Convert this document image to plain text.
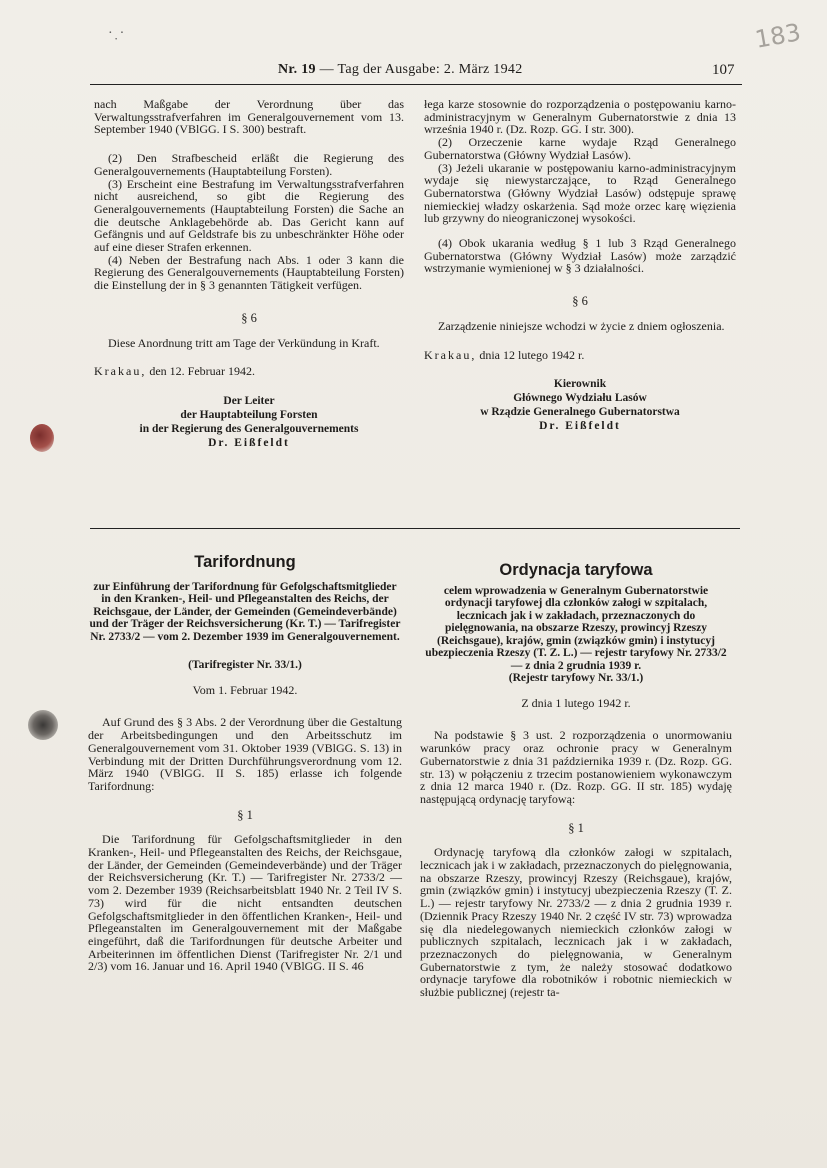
· ̣ ·	183
Nr. 19 — Tag der Ausgabe: 2. März 1942	107

nach Maßgabe der Verordnung über das Verwaltungsstrafverfahren im Generalgouvernement vom 13. September 1940 (VBlGG. I S. 300) bestraft.

(2) Den Strafbescheid erläßt die Regierung des Generalgouvernements (Hauptabteilung Forsten).

(3) Erscheint eine Bestrafung im Verwaltungsstrafverfahren nicht ausreichend, so gibt die Regierung des Generalgouvernements (Hauptabteilung Forsten) die Sache an die deutsche Anklagebehörde ab. Das Gericht kann auf Gefängnis und auf Geldstrafe bis zu unbeschränkter Höhe oder auf eine dieser Strafen erkennen.

(4) Neben der Bestrafung nach Abs. 1 oder 3 kann die Regierung des Generalgouvernements (Hauptabteilung Forsten) die Einstellung der in § 3 genannten Tätigkeit verfügen.

§ 6

Diese Anordnung tritt am Tage der Verkündung in Kraft.

Krakau, den 12. Februar 1942.

Der Leiter

der Hauptabteilung Forsten

in der Regierung des Generalgouvernements

Dr. Eißfeldt

łega karze stosownie do rozporządzenia o postępowaniu karno-administracyjnym w Generalnym Gubernatorstwie z dnia 13 września 1940 r. (Dz. Rozp. GG. I str. 300).

(2) Orzeczenie karne wydaje Rząd Generalnego Gubernatorstwa (Główny Wydział Lasów).

(3) Jeżeli ukaranie w postępowaniu karno-administracyjnym wydaje się niewystarczające, to Rząd Generalnego Gubernatorstwa (Główny Wydział Lasów) odstępuje sprawę niemieckiej władzy oskarżenia. Sąd może orzec karę więzienia lub grzywny do nieograniczonej wysokości.

(4) Obok ukarania według § 1 lub 3 Rząd Generalnego Gubernatorstwa (Główny Wydział Lasów) może zarządzić wstrzymanie wymienionej w § 3 działalności.

§ 6

Zarządzenie niniejsze wchodzi w życie z dniem ogłoszenia.

Krakau, dnia 12 lutego 1942 r.

Kierownik

Głównego Wydziału Lasów

w Rządzie Generalnego Gubernatorstwa

Dr. Eißfeldt

Tarifordnung

zur Einführung der Tarifordnung für Gefolgschaftsmitglieder in den Kranken-, Heil- und Pflegeanstalten des Reichs, der Reichsgaue, der Länder, der Gemeinden (Gemeindeverbände) und der Träger der Reichsversicherung (Kr. T.) — Tarifregister Nr. 2733/2 — vom 2. Dezember 1939 im Generalgouvernement.

(Tarifregister Nr. 33/1.)

Vom 1. Februar 1942.

Auf Grund des § 3 Abs. 2 der Verordnung über die Gestaltung der Arbeitsbedingungen und den Arbeitsschutz im Generalgouvernement vom 31. Oktober 1939 (VBlGG. S. 13) in Verbindung mit der Dritten Durchführungsverordnung vom 12. März 1940 (VBlGG. II S. 185) erlasse ich folgende Tarifordnung:

§ 1

Die Tarifordnung für Gefolgschaftsmitglieder in den Kranken-, Heil- und Pflegeanstalten des Reichs, der Reichsgaue, der Länder, der Gemeinden (Gemeindeverbände) und der Träger der Reichsversicherung (Kr. T.) — Tarifregister Nr. 2733/2 — vom 2. Dezember 1939 (Reichsarbeitsblatt 1940 Nr. 2 Teil IV S. 73) wird für die nicht entsandten deutschen Gefolgschaftsmitglieder in den öffentlichen Kranken-, Heil- und Pflegeanstalten im Generalgouvernement mit der Maßgabe eingeführt, daß die Tarifordnungen für deutsche Arbeiter und Arbeiterinnen im öffentlichen Dienst (Tarifregister Nr. 2/1 und 2/3) vom 16. Januar und 16. April 1940 (VBlGG. II S. 46

Ordynacja taryfowa

celem wprowadzenia w Generalnym Gubernatorstwie ordynacji taryfowej dla członków załogi w szpitalach, lecznicach jak i w zakładach, przeznaczonych do pielęgnowania, na obszarze Rzeszy, prowincyj Rzeszy (Reichsgaue), krajów, gmin (związków gmin) i instytucyj ubezpieczenia Rzeszy (T. Z. L.) — rejestr taryfowy Nr. 2733/2 — z dnia 2 grudnia 1939 r.

(Rejestr taryfowy Nr. 33/1.)

Z dnia 1 lutego 1942 r.

Na podstawie § 3 ust. 2 rozporządzenia o unormowaniu warunków pracy oraz ochronie pracy w Generalnym Gubernatorstwie z dnia 31 października 1939 r. (Dz. Rozp. GG. str. 13) w połączeniu z trzecim postanowieniem wykonawczym z dnia 12 marca 1940 r. (Dz. Rozp. GG. II str. 185) wydaję następującą ordynację taryfową:

§ 1

Ordynację taryfową dla członków załogi w szpitalach, lecznicach jak i w zakładach, przeznaczonych do pielęgnowania, na obszarze Rzeszy, prowincyj Rzeszy (Reichsgaue), krajów, gmin (związków gmin) i instytucyj ubezpieczenia Rzeszy (T. Z. L.) — rejestr taryfowy Nr. 2733/2 — z dnia 2 grudnia 1939 r. (Dziennik Pracy Rzeszy 1940 Nr. 2 część IV str. 73) wprowadza się dla niedelegowanych niemieckich członków załogi w publicznych szpitalach, lecznicach jak i w zakładach, przeznaczonych do pielęgnowania, w Generalnym Gubernatorstwie z tym, że należy stosować dodatkowo ordynacje taryfowe dla robotników i robotnic niemieckich w służbie publicznej (rejestr ta-
